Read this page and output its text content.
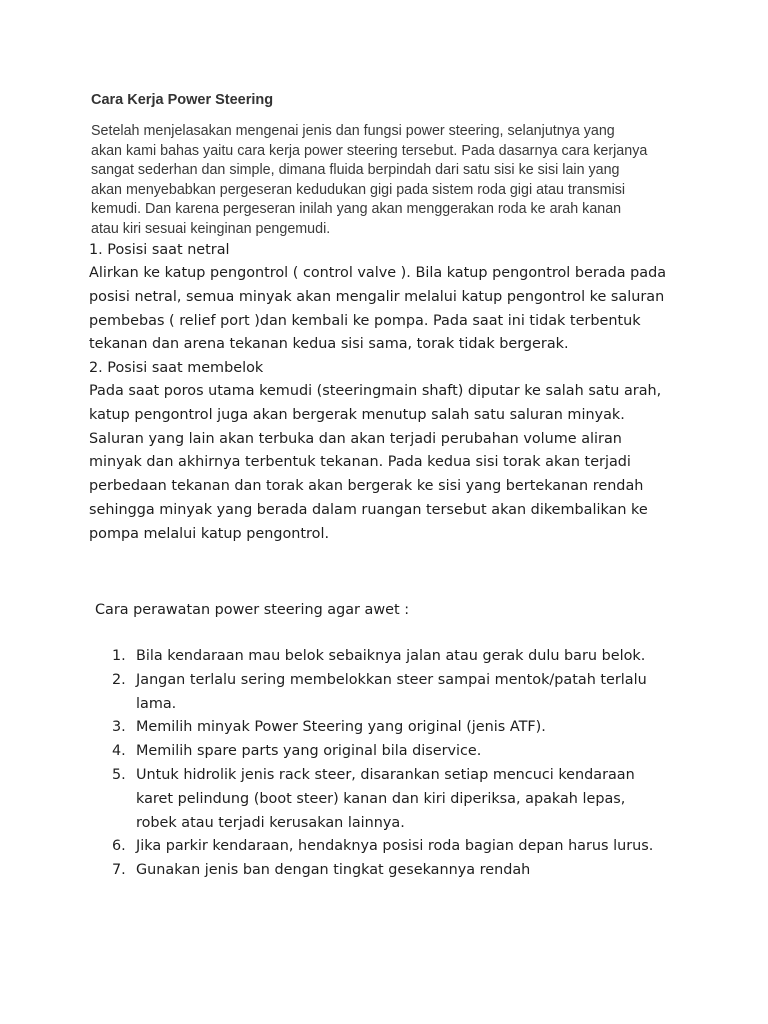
Cara Kerja Power Steering

Setelah menjelasakan mengenai jenis dan fungsi power steering, selanjutnya yang
akan kami bahas yaitu cara kerja power steering tersebut. Pada dasarnya cara kerjanya
sangat sederhan dan simple, dimana fluida berpindah dari satu sisi ke sisi lain yang
akan menyebabkan pergeseran kedudukan gigi pada sistem roda gigi atau transmisi
kemudi. Dan karena pergeseran inilah yang akan menggerakan roda ke arah kanan
atau kiri sesuai keinginan pengemudi.

1. Posisi saat netral

Alirkan ke katup pengontrol ( control valve ). Bila katup pengontrol berada pada
posisi netral, semua minyak akan mengalir melalui katup pengontrol ke saluran
pembebas ( relief port )dan kembali ke pompa. Pada saat ini tidak terbentuk
tekanan dan arena tekanan kedua sisi sama, torak tidak bergerak.

2. Posisi saat membelok

Pada saat poros utama kemudi (steeringmain shaft) diputar ke salah satu arah,
katup pengontrol juga akan bergerak menutup salah satu saluran minyak.
Saluran yang lain akan terbuka dan akan terjadi perubahan volume aliran
minyak dan akhirnya terbentuk tekanan. Pada kedua sisi torak akan terjadi
perbedaan tekanan dan torak akan bergerak ke sisi yang bertekanan rendah
sehingga minyak yang berada dalam ruangan tersebut akan dikembalikan ke
pompa melalui katup pengontrol.

Cara perawatan power steering agar awet :

1. Bila kendaraan mau belok sebaiknya jalan atau gerak dulu baru belok.
2. Jangan terlalu sering membelokkan steer sampai mentok/patah terlalu
lama.
3. Memilih minyak Power Steering yang original (jenis ATF).
4. Memilih spare parts yang original bila diservice.
5. Untuk hidrolik jenis rack steer, disarankan setiap mencuci kendaraan
karet pelindung (boot steer) kanan dan kiri diperiksa, apakah lepas,
robek atau terjadi kerusakan lainnya.
6. Jika parkir kendaraan, hendaknya posisi roda bagian depan harus lurus.
7. Gunakan jenis ban dengan tingkat gesekannya rendah
